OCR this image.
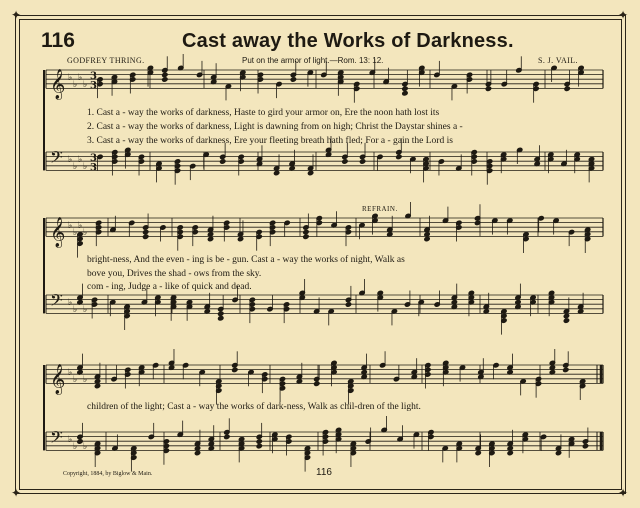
✦	✦
✦	✦
116	Cast away the Works of Darkness.
GODFREY THRING.	Put on the armor of light.—Rom. 13: 12.	S. J. VAIL.
𝄞 ♭
♭
♭
♭
𝄢 ♭
♭
♭
♭
𝄞 ♭
♭
♭
♭
𝄢 ♭
♭
♭
♭
𝄞 ♭
♭
♭
♭
𝄢 ♭
♭
♭
♭
3
3
3
3
1. Cast a - way the works of darkness, Haste to gird your armor on, Ere the noon hath lost its
2. Cast a - way the works of darkness, Light is dawning from on high; Christ the Daystar shines a -
3. Cast a - way the works of darkness, Ere your fleeting breath hath fled; For a - gain the Lord is
REFRAIN.
bright-ness, And the even - ing is be - gun. Cast a - way the works of night, Walk as
bove you, Drives the shad - ows from the sky.
com - ing, Judge a - like of quick and dead.
children of the light; Cast a - way the works of dark-ness, Walk as chil-dren of the light.
Copyright, 1884, by Biglow & Main.	116
